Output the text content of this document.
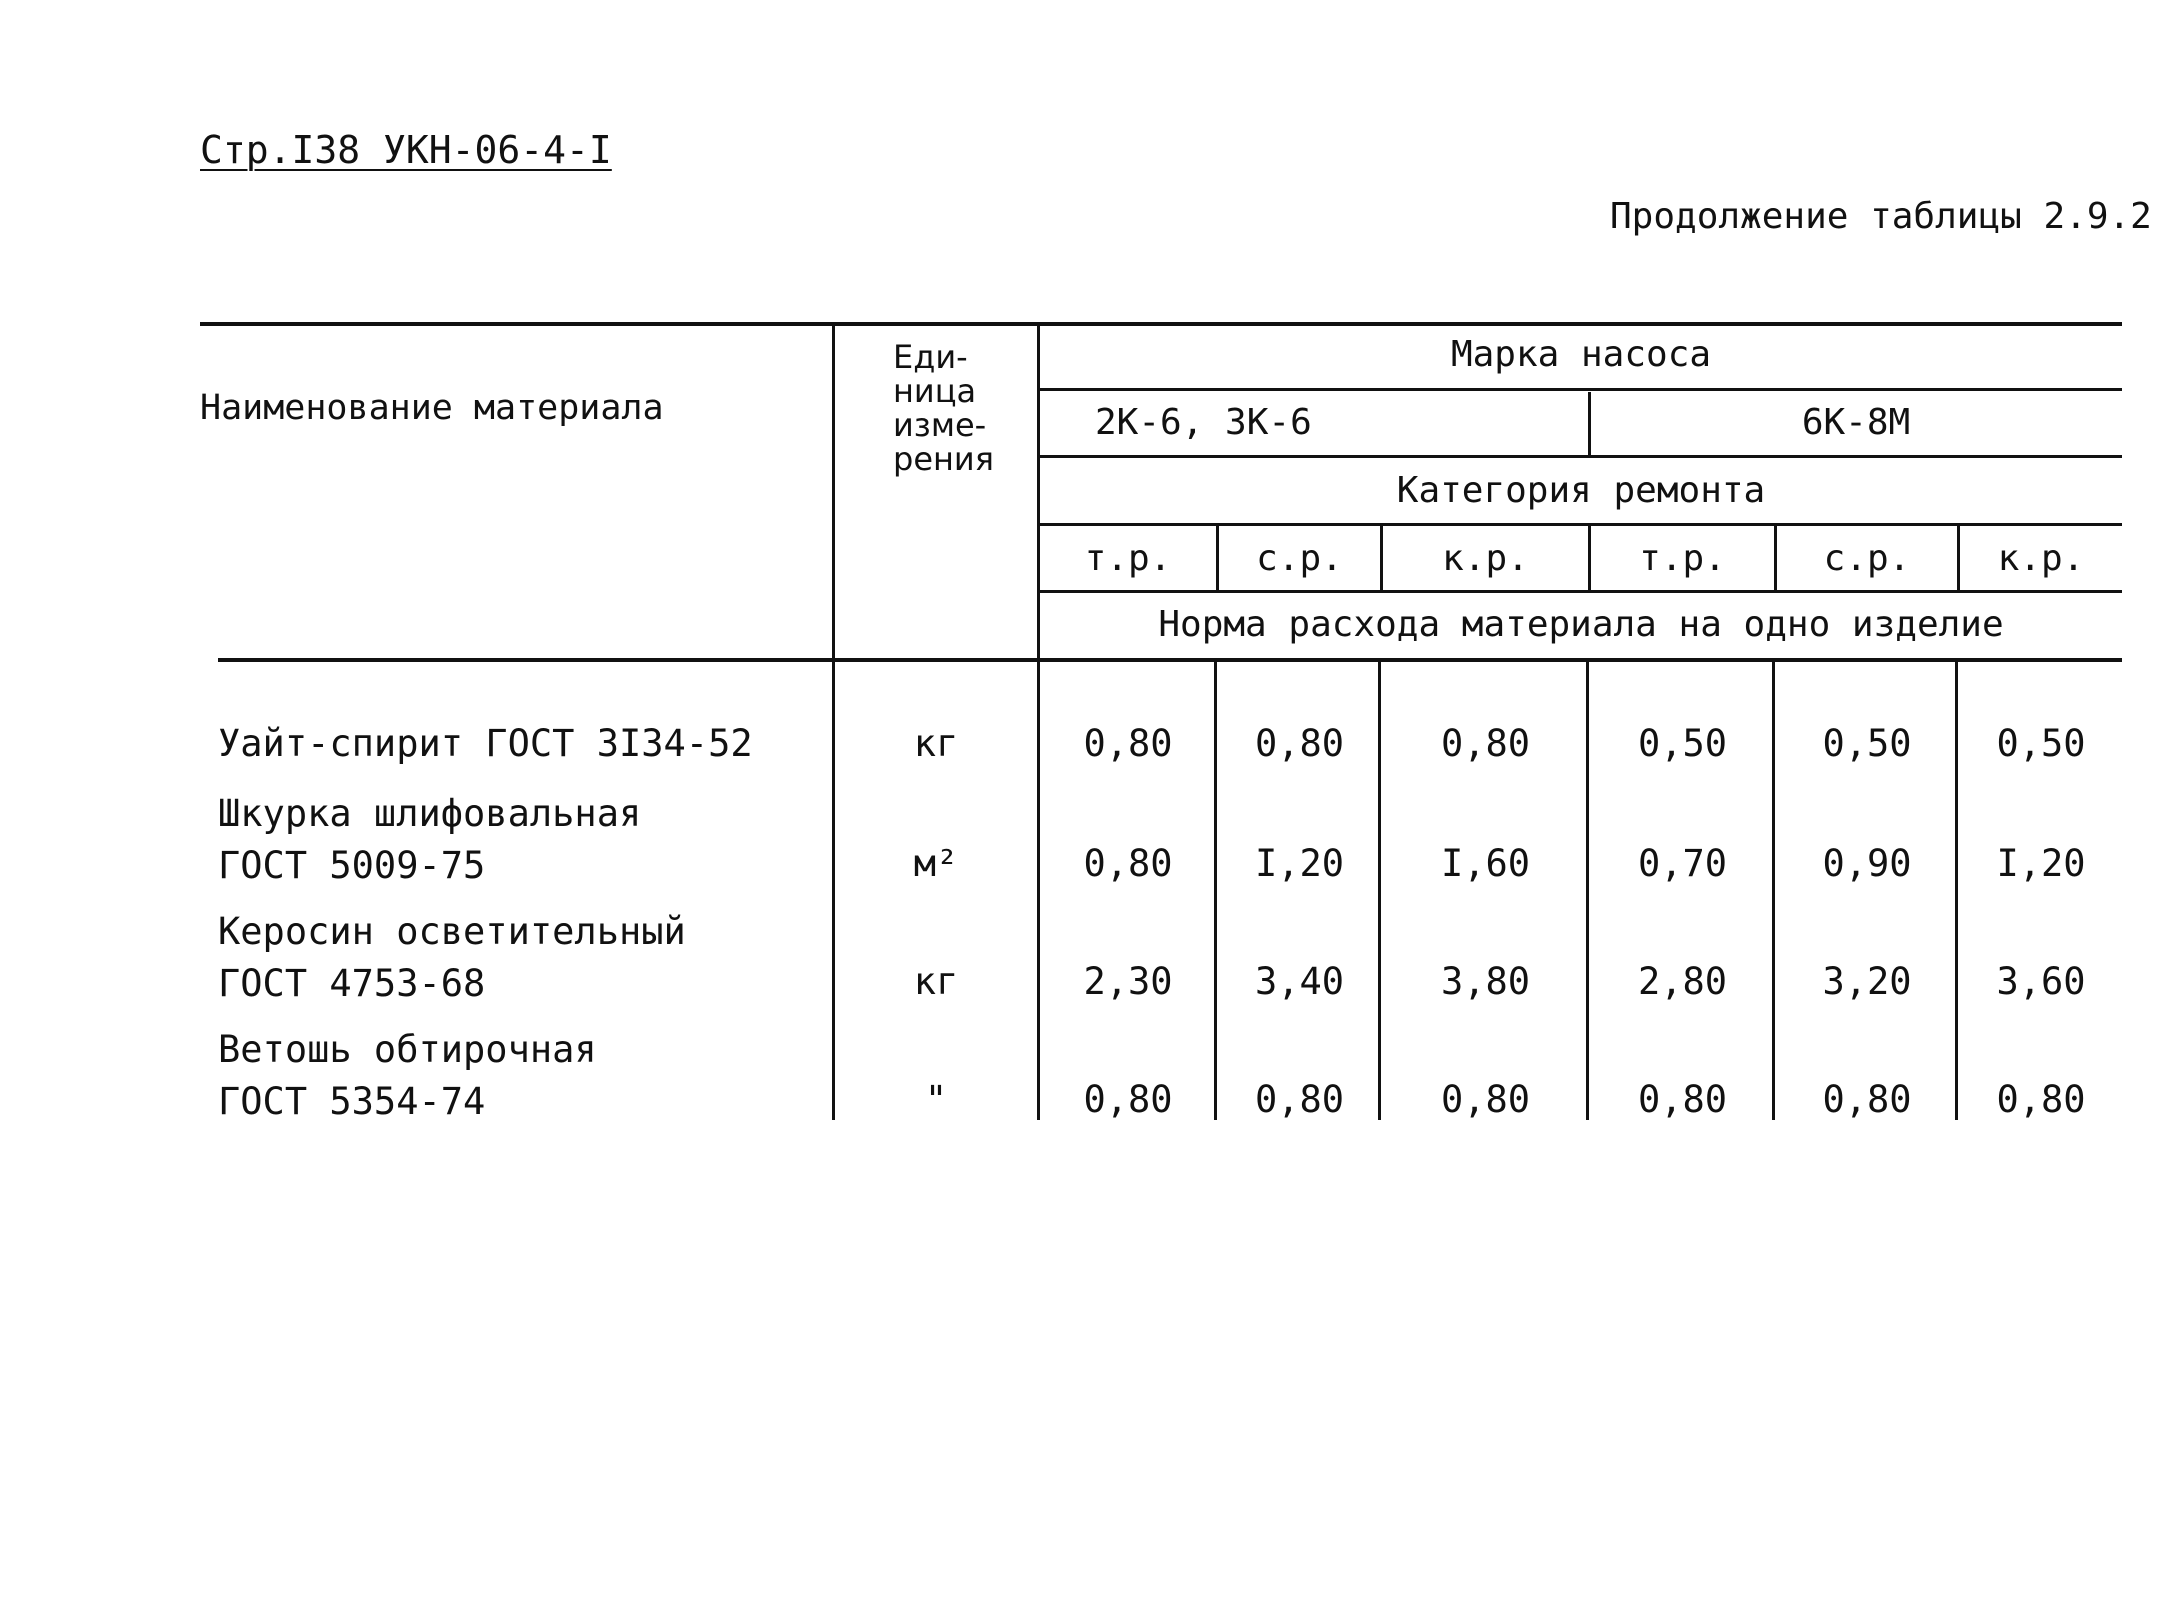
Стр.I38 УКН-06-4-I
Продолжение таблицы 2.9.2
Наименование материала
Еди-
ница
изме-
рения
Марка насоса
2К-6, 3К-6	6К-8М
Категория ремонта
т.р.	с.р.	к.р.	т.р.	с.р.	к.р.
Норма расхода материала на одно изделие
Уайт-спирит ГОСТ 3I34-52	кг	0,80	0,80	0,80	0,50	0,50	0,50
Шкурка шлифовальная
ГОСТ 5009-75	м²	0,80	I,20	I,60	0,70	0,90	I,20
Керосин осветительный
ГОСТ 4753-68	кг	2,30	3,40	3,80	2,80	3,20	3,60
Ветошь обтирочная
ГОСТ 5354-74	"	0,80	0,80	0,80	0,80	0,80	0,80
